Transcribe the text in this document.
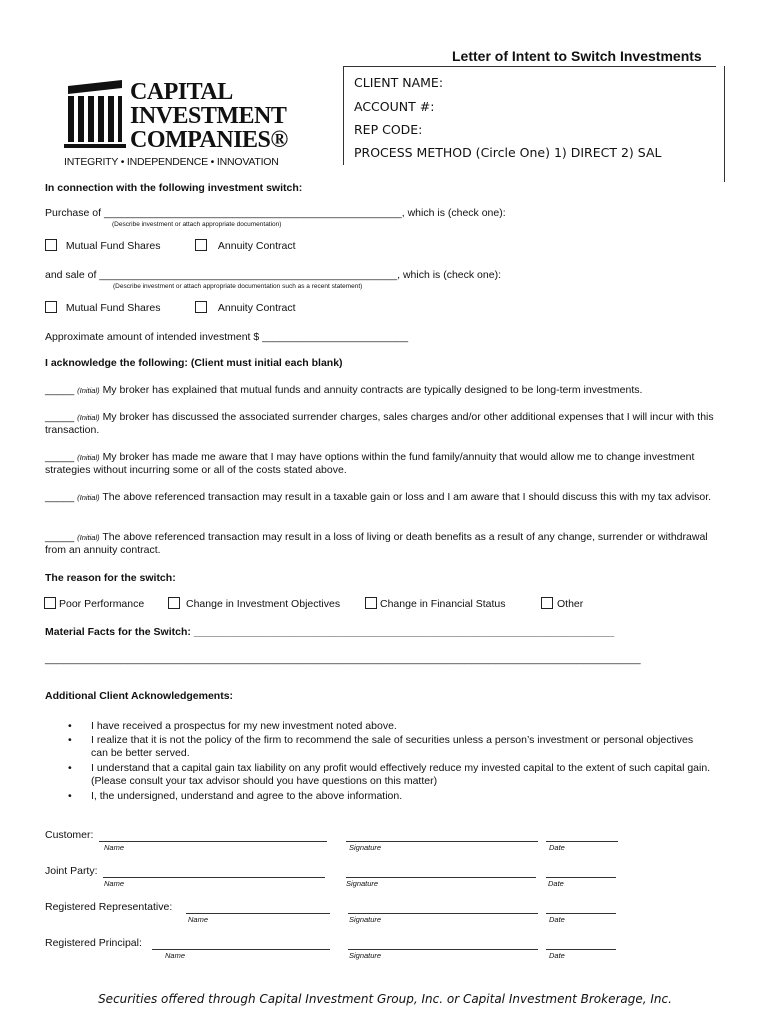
Letter of Intent to Switch Investments
CLIENT NAME:
ACCOUNT #:
REP CODE:
PROCESS METHOD (Circle One) 1) DIRECT 2) SAL
CAPITAL
INVESTMENT
COMPANIES®
INTEGRITY • INDEPENDENCE • INNOVATION
In connection with the following investment switch:
Purchase of ___________________________________________________, which is (check one):
(Describe investment or attach appropriate documentation)
Mutual Fund Shares	Annuity Contract
and sale of ___________________________________________________, which is (check one):
(Describe investment or attach appropriate documentation such as a recent statement)
Mutual Fund Shares	Annuity Contract
Approximate amount of intended investment $ _________________________
I acknowledge the following: (Client must initial each blank)
_____ (Initial) My broker has explained that mutual funds and annuity contracts are typically designed to be long-term investments.
_____ (Initial) My broker has discussed the associated surrender charges, sales charges and/or other additional expenses that I will incur with this transaction.
_____ (Initial) My broker has made me aware that I may have options within the fund family/annuity that would allow me to change investment strategies without incurring some or all of the costs stated above.
_____ (Initial) The above referenced transaction may result in a taxable gain or loss and I am aware that I should discuss this with my tax advisor.
_____ (Initial) The above referenced transaction may result in a loss of living or death benefits as a result of any change, surrender or withdrawal from an annuity contract.
The reason for the switch:
Poor Performance	Change in Investment Objectives	Change in Financial Status	Other
Material Facts for the Switch: ________________________________________________________________________
______________________________________________________________________________________________________
Additional Client Acknowledgements:
• I have received a prospectus for my new investment noted above.
• I realize that it is not the policy of the firm to recommend the sale of securities unless a person’s investment or personal objectives can be better served.
• I understand that a capital gain tax liability on any profit would effectively reduce my invested capital to the extent of such capital gain. (Please consult your tax advisor should you have questions on this matter)
• I, the undersigned, understand and agree to the above information.
Customer:
Name	Signature	Date
Joint Party:
Name	Signature	Date
Registered Representative:
Name	Signature	Date
Registered Principal:
Name	Signature	Date
Securities offered through Capital Investment Group, Inc. or Capital Investment Brokerage, Inc.
